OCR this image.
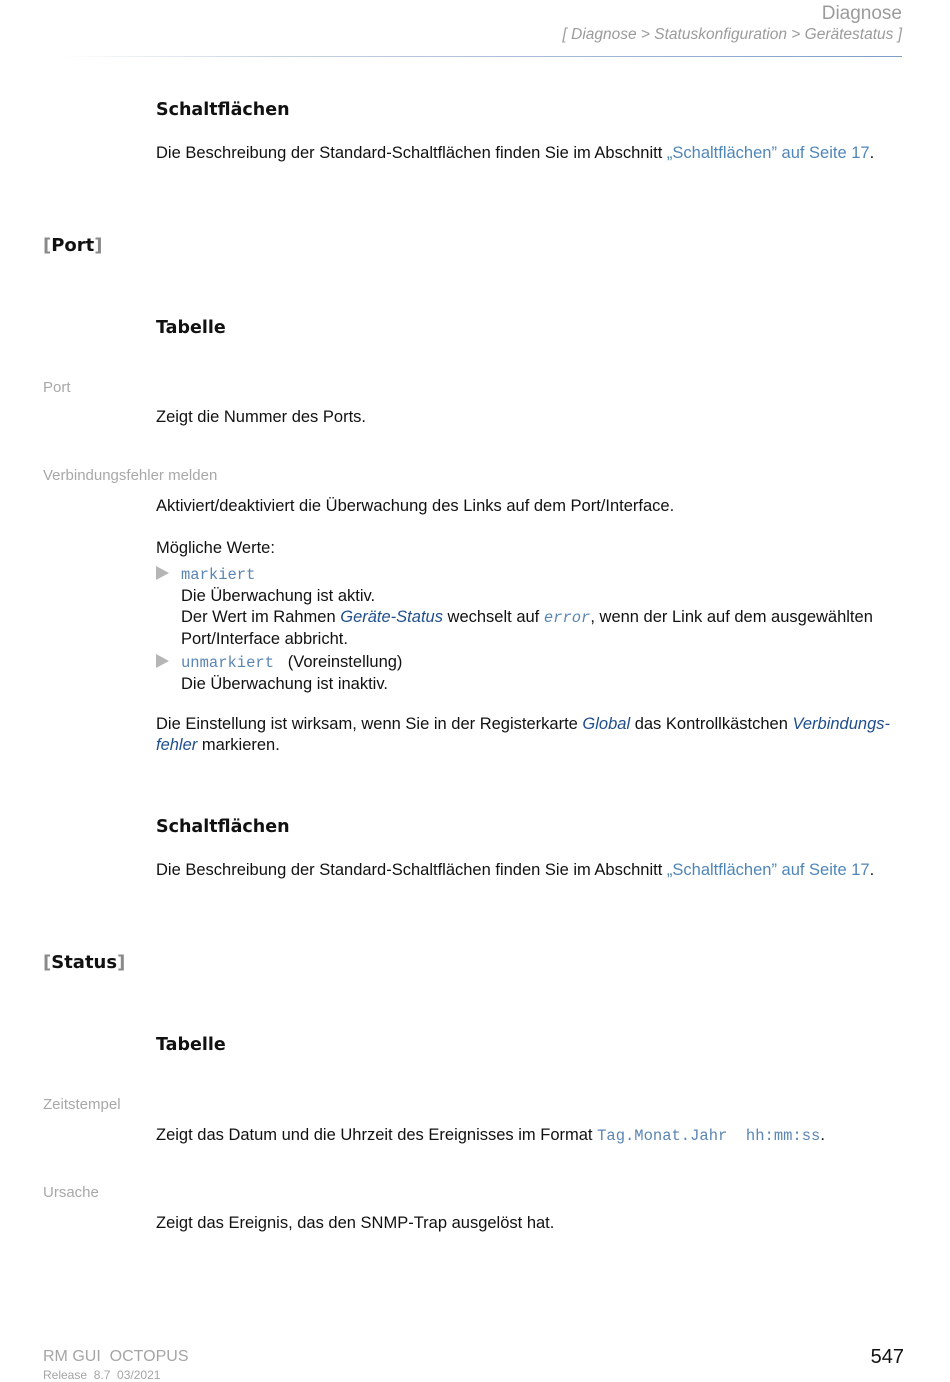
Diagnose
[ Diagnose > Statuskonfiguration > Gerätestatus ]
Schaltflächen
Die Beschreibung der Standard-Schaltflächen finden Sie im Abschnitt „Schaltflächen” auf Seite 17.
[Port]
Tabelle
Port
Zeigt die Nummer des Ports.
Verbindungsfehler melden
Aktiviert/deaktiviert die Überwachung des Links auf dem Port/Interface.
Mögliche Werte:
markiert
Die Überwachung ist aktiv.
Der Wert im Rahmen Geräte-Status wechselt auf error, wenn der Link auf dem ausgewählten Port/Interface abbricht.
unmarkiert (Voreinstellung)
Die Überwachung ist inaktiv.
Die Einstellung ist wirksam, wenn Sie in der Registerkarte Global das Kontrollkästchen Verbindungs-fehler markieren.
Schaltflächen
Die Beschreibung der Standard-Schaltflächen finden Sie im Abschnitt „Schaltflächen” auf Seite 17.
[Status]
Tabelle
Zeitstempel
Zeigt das Datum und die Uhrzeit des Ereignisses im Format Tag.Monat.Jahr  hh:mm:ss.
Ursache
Zeigt das Ereignis, das den SNMP-Trap ausgelöst hat.
RM GUI  OCTOPUS
Release  8.7  03/2021
547
